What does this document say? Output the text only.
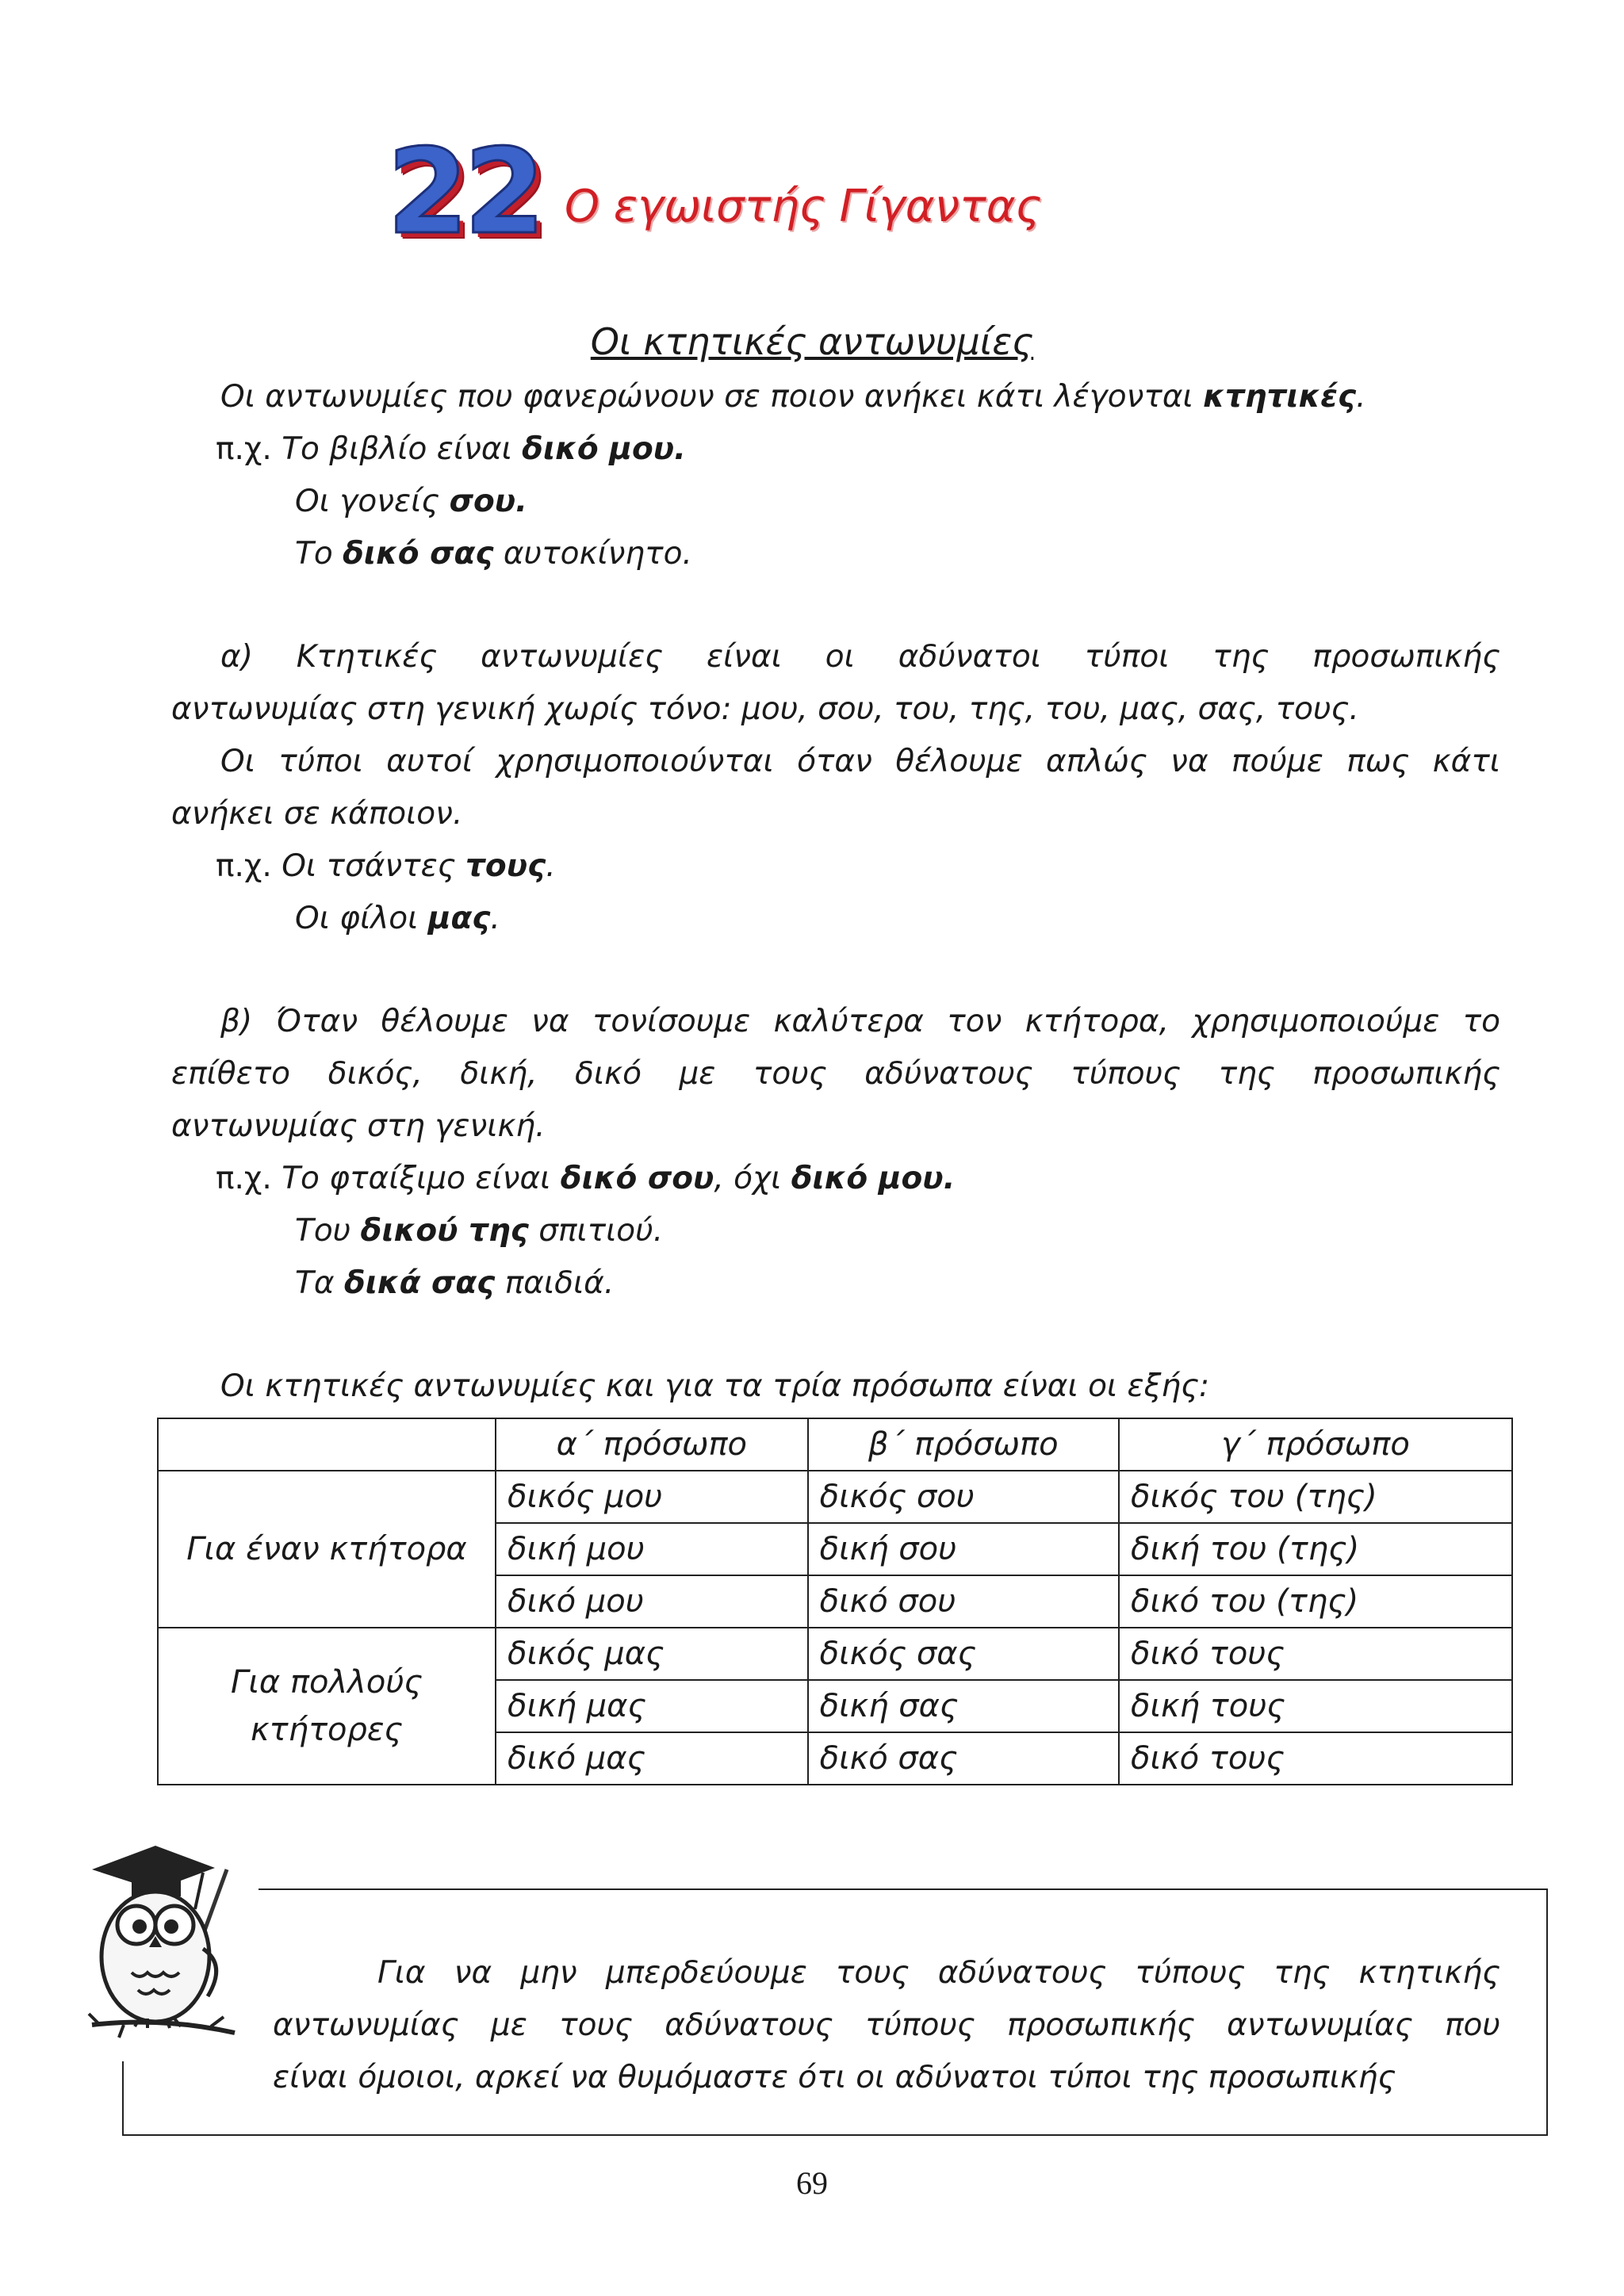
22 Ο εγωιστής Γίγαντας
Οι κτητικές αντωνυμίες
Οι αντωνυμίες που φανερώνουν σε ποιον ανήκει κάτι λέγονται κτητικές.
π.χ. Το βιβλίο είναι δικό μου.
Οι γονείς σου.
Το δικό σας αυτοκίνητο.
α) Κτητικές αντωνυμίες είναι οι αδύνατοι τύποι της προσωπικής
αντωνυμίας στη γενική χωρίς τόνο: μου, σου, του, της, του, μας, σας, τους.
Οι τύποι αυτοί χρησιμοποιούνται όταν θέλουμε απλώς να πούμε πως κάτι
ανήκει σε κάποιον.
π.χ. Οι τσάντες τους.
Οι φίλοι μας.
β) Όταν θέλουμε να τονίσουμε καλύτερα τον κτήτορα, χρησιμοποιούμε το
επίθετο δικός, δική, δικό με τους αδύνατους τύπους της προσωπικής
αντωνυμίας στη γενική.
π.χ. Το φταίξιμο είναι δικό σου, όχι δικό μου.
Του δικού της σπιτιού.
Τα δικά σας παιδιά.
Οι κτητικές αντωνυμίες και για τα τρία πρόσωπα είναι οι εξής:
	α΄ πρόσωπο	β΄ πρόσωπο	γ΄ πρόσωπο
Για έναν κτήτορα	δικός μου	δικός σου	δικός του (της)
	δική μου	δική σου	δική του (της)
	δικό μου	δικό σου	δικό του (της)

Για πολλούς
κτήτορες	δικός μας	δικός σας	δικό τους
	δική μας	δική σας	δική τους
	δικό μας	δικό σας	δικό τους
Για να μην μπερδεύουμε τους αδύνατους τύπους της κτητικής
αντωνυμίας με τους αδύνατους τύπους προσωπικής αντωνυμίας που
είναι όμοιοι, αρκεί να θυμόμαστε ότι οι αδύνατοι τύποι της προσωπικής
69
